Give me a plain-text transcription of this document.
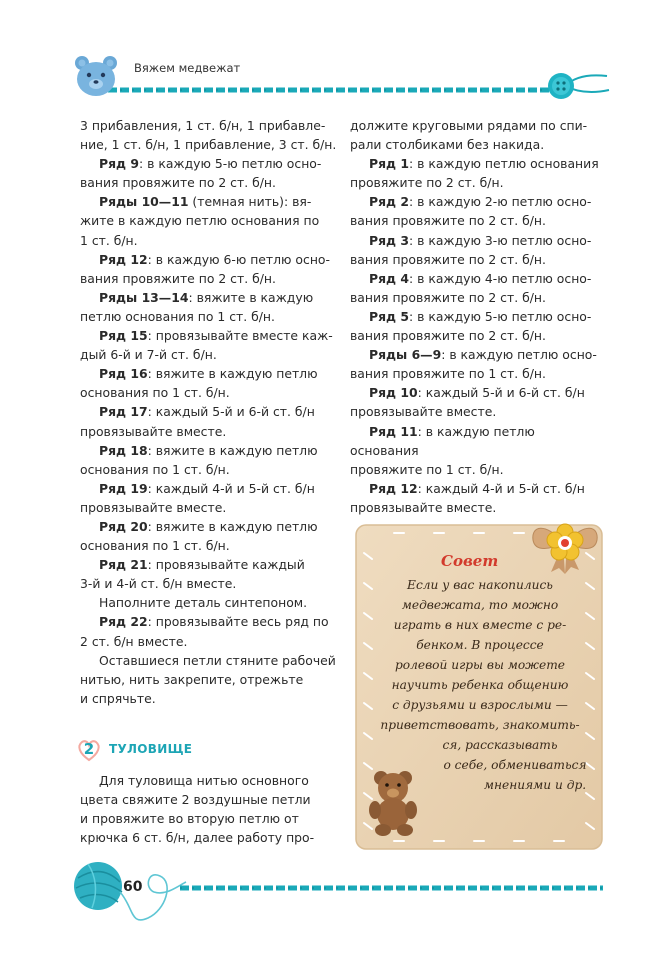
Вяжем медвежат

3 прибавления, 1 ст. б/н, 1 прибавле-

ние, 1 ст. б/н, 1 прибавление, 3 ст. б/н.

Ряд 9: в каждую 5-ю петлю осно-

вания провяжите по 2 ст. б/н.

Ряды 10—11 (темная нить): вя-

жите в каждую петлю основания по

1 ст. б/н.

Ряд 12: в каждую 6-ю петлю осно-

вания провяжите по 2 ст. б/н.

Ряды 13—14: вяжите в каждую

петлю основания по 1 ст. б/н.

Ряд 15: провязывайте вместе каж-

дый 6-й и 7-й ст. б/н.

Ряд 16: вяжите в каждую петлю

основания по 1 ст. б/н.

Ряд 17: каждый 5-й и 6-й ст. б/н

провязывайте вместе.

Ряд 18: вяжите в каждую петлю

основания по 1 ст. б/н.

Ряд 19: каждый 4-й и 5-й ст. б/н

провязывайте вместе.

Ряд 20: вяжите в каждую петлю

основания по 1 ст. б/н.

Ряд 21: провязывайте каждый

3-й и 4-й ст. б/н вместе.

Наполните деталь синтепоном.

Ряд 22: провязывайте весь ряд по

2 ст. б/н вместе.

Оставшиеся петли стяните рабочей

нитью, нить закрепите, отрежьте

и спрячьте.

2	ТУЛОВИЩЕ

Для туловища нитью основного

цвета свяжите 2 воздушные петли

и провяжите во вторую петлю от

крючка 6 ст. б/н, далее работу про-

должите круговыми рядами по спи-

рали столбиками без накида.

Ряд 1: в каждую петлю основания

провяжите по 2 ст. б/н.

Ряд 2: в каждую 2-ю петлю осно-

вания провяжите по 2 ст. б/н.

Ряд 3: в каждую 3-ю петлю осно-

вания провяжите по 2 ст. б/н.

Ряд 4: в каждую 4-ю петлю осно-

вания провяжите по 2 ст. б/н.

Ряд 5: в каждую 5-ю петлю осно-

вания провяжите по 2 ст. б/н.

Ряды 6—9: в каждую петлю осно-

вания провяжите по 1 ст. б/н.

Ряд 10: каждый 5-й и 6-й ст. б/н

провязывайте вместе.

Ряд 11: в каждую петлю основания

провяжите по 1 ст. б/н.

Ряд 12: каждый 4-й и 5-й ст. б/н

провязывайте вместе.

Совет

Если у вас накопились

медвежата, то можно

играть в них вместе с ре-

бенком. В процессе

ролевой игры вы можете

научить ребенка общению

с друзьями и взрослыми —

приветствовать, знакомить-

ся, рассказывать

о себе, обмениваться

мнениями и др.

60
